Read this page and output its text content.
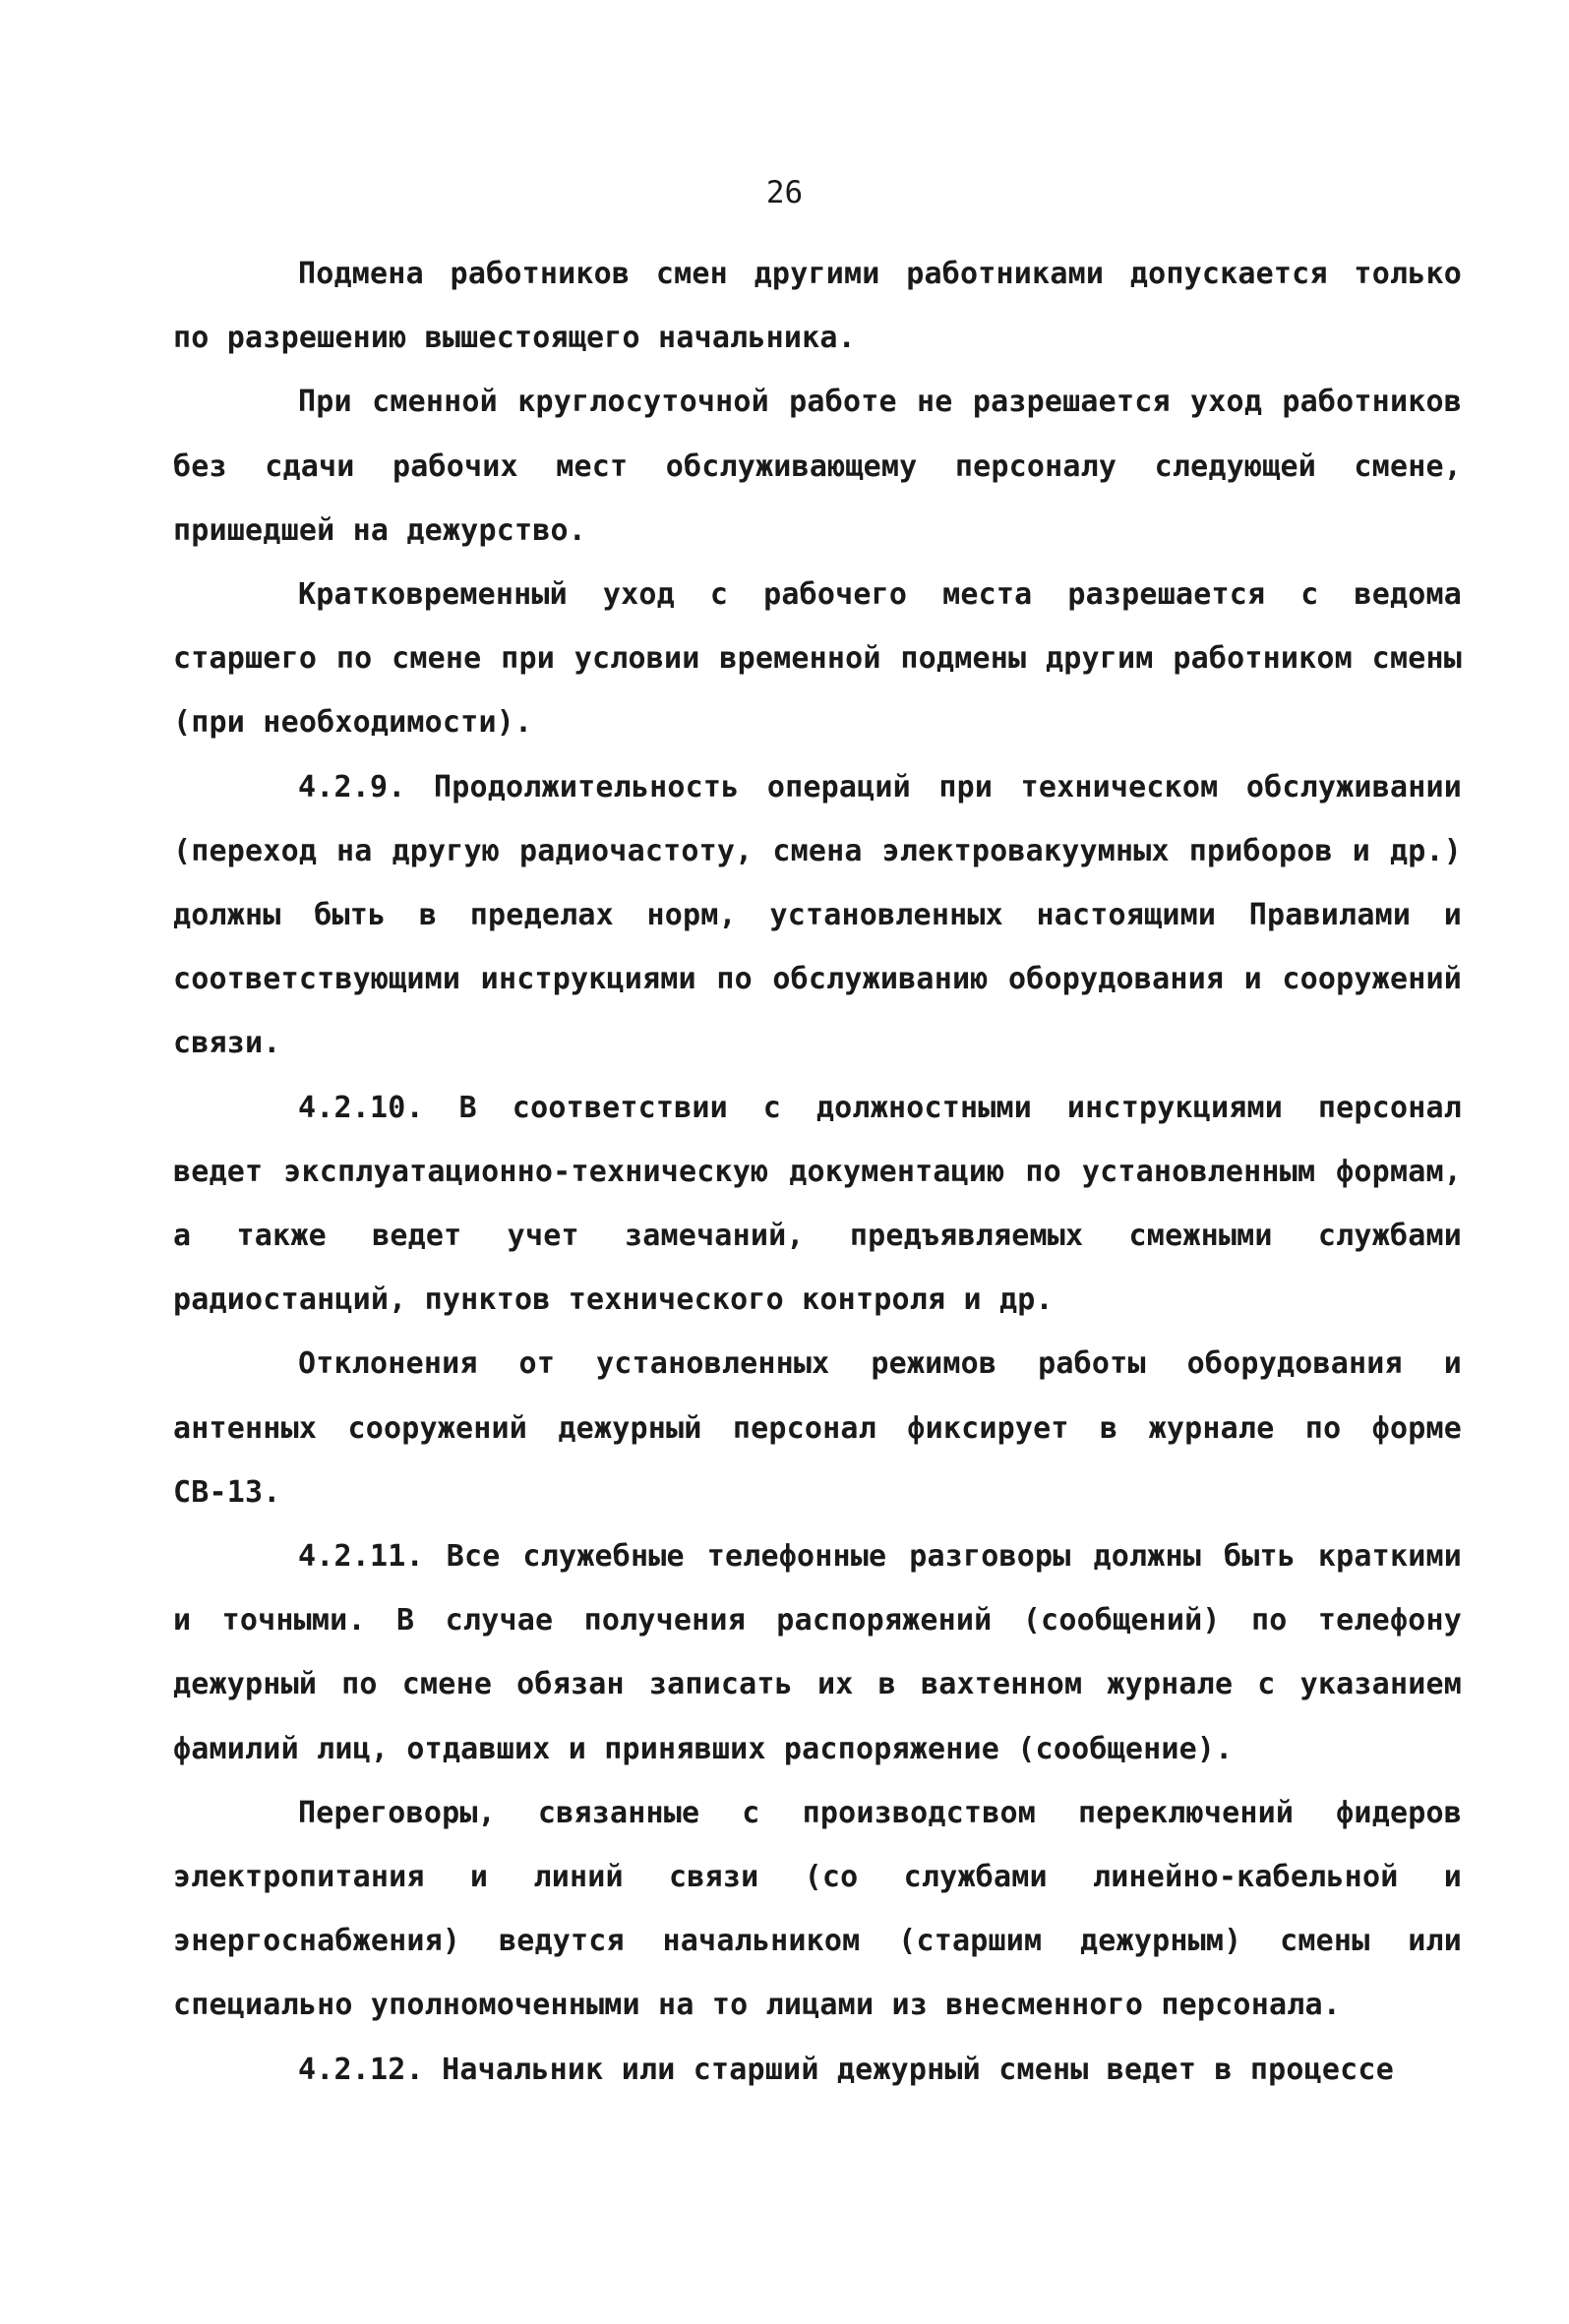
26

Подмена работников смен другими работниками допускается только по разрешению вышестоящего начальника.

При сменной круглосуточной работе не разрешается уход работников без сдачи рабочих мест обслуживающему персоналу следующей смене, пришедшей на дежурство.

Кратковременный уход с рабочего места разрешается с ведома старшего по смене при условии временной подмены другим работником смены (при необходимости).

4.2.9. Продолжительность операций при техническом обслуживании (переход на другую радиочастоту, смена электровакуумных приборов и др.) должны быть в пределах норм, установленных настоящими Правилами и соответствующими инструкциями по обслуживанию оборудования и сооружений связи.

4.2.10. В соответствии с должностными инструкциями персонал ведет эксплуатационно-техническую документацию по установленным формам, а также ведет учет замечаний, предъявляемых смежными службами радиостанций, пунктов технического контроля и др.

Отклонения от установленных режимов работы оборудования и антенных сооружений дежурный персонал фиксирует в журнале по форме СВ-13.

4.2.11. Все служебные телефонные разговоры должны быть краткими и точными. В случае получения распоряжений (сообщений) по телефону дежурный по смене обязан записать их в вахтенном журнале с указанием фамилий лиц, отдавших и принявших распоряжение (сообщение).

Переговоры, связанные с производством переключений фидеров электропитания и линий связи (со службами линейно-кабельной и энергоснабжения) ведутся начальником (старшим дежурным) смены или специально уполномоченными на то лицами из внесменного персонала.

4.2.12. Начальник или старший дежурный смены ведет в процессе
